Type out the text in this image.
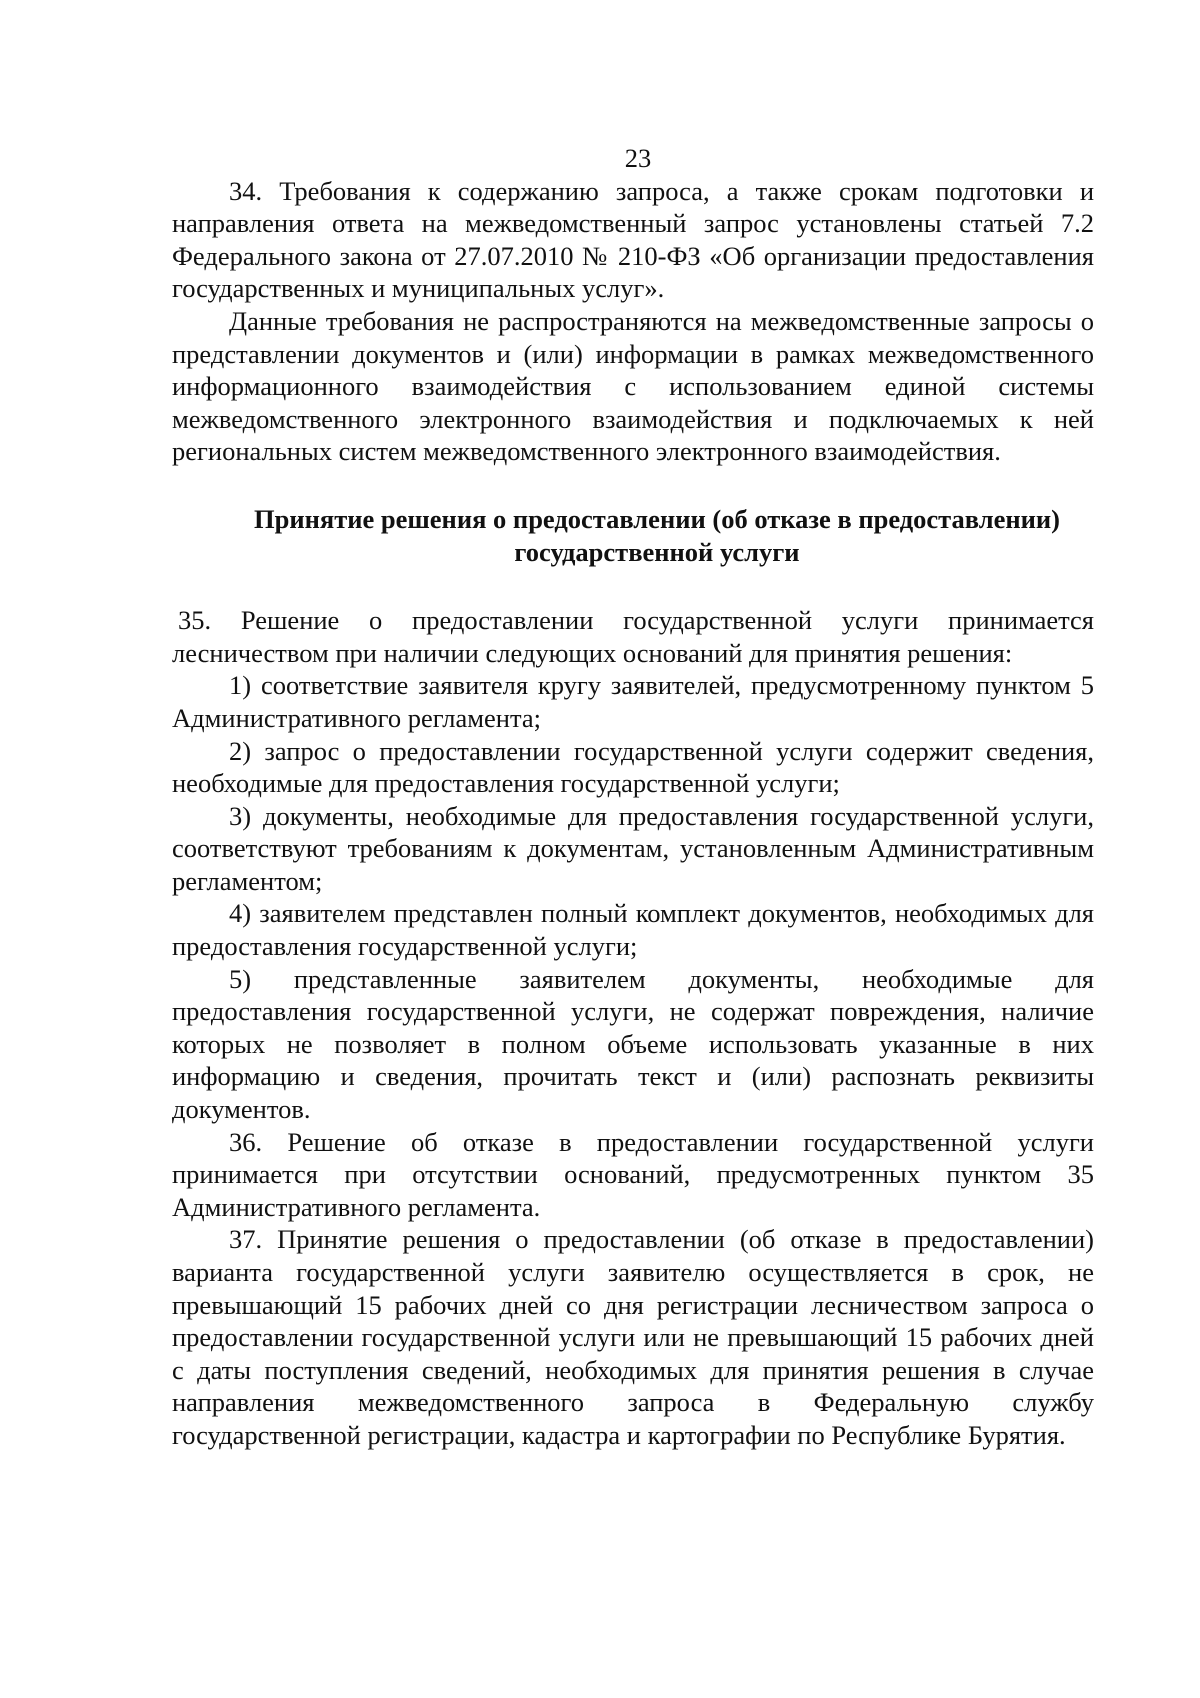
23

34. Требования к содержанию запроса, а также срокам подготовки и направления ответа на межведомственный запрос установлены статьей 7.2 Федерального закона от 27.07.2010 № 210-ФЗ «Об организации предоставления государственных и муниципальных услуг».

Данные требования не распространяются на межведомственные запросы о представлении документов и (или) информации в рамках межведомственного информационного взаимодействия с использованием единой системы межведомственного электронного взаимодействия и подключаемых к ней региональных систем межведомственного электронного взаимодействия.

Принятие решения о предоставлении (об отказе в предоставлении)
государственной услуги

35. Решение о предоставлении государственной услуги принимается лесничеством при наличии следующих оснований для принятия решения:

1) соответствие заявителя кругу заявителей, предусмотренному пунктом 5 Административного регламента;

2) запрос о предоставлении государственной услуги содержит сведения, необходимые для предоставления государственной услуги;

3) документы, необходимые для предоставления государственной услуги, соответствуют требованиям к документам, установленным Административным регламентом;

4) заявителем представлен полный комплект документов, необходимых для предоставления государственной услуги;

5) представленные заявителем документы, необходимые для предоставления государственной услуги, не содержат повреждения, наличие которых не позволяет в полном объеме использовать указанные в них информацию и сведения, прочитать текст и (или) распознать реквизиты документов.

36. Решение об отказе в предоставлении государственной услуги принимается при отсутствии оснований, предусмотренных пунктом 35 Административного регламента.

37. Принятие решения о предоставлении (об отказе в предоставлении) варианта государственной услуги заявителю осуществляется в срок, не превышающий 15 рабочих дней со дня регистрации лесничеством запроса о предоставлении государственной услуги или не превышающий 15 рабочих дней с даты поступления сведений, необходимых для принятия решения в случае направления межведомственного запроса в Федеральную службу государственной регистрации, кадастра и картографии по Республике Бурятия.
